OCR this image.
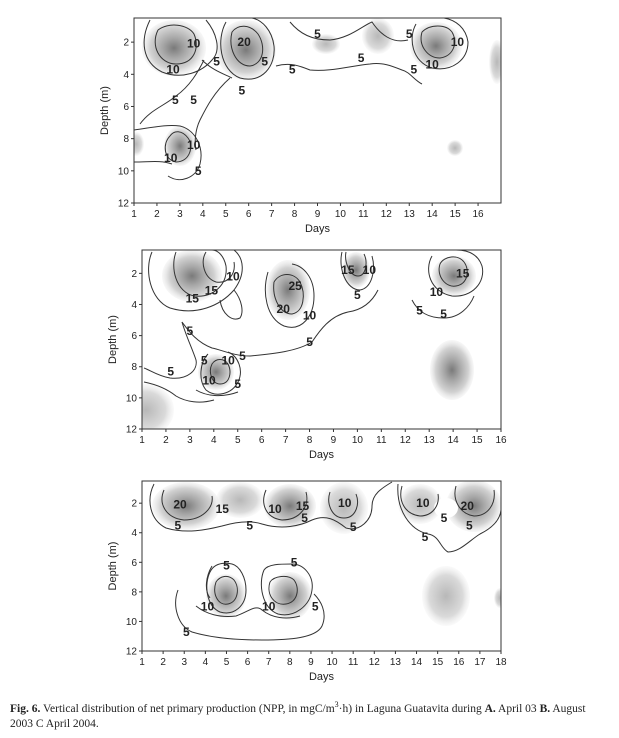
1 2 3 4 5 6 7 8 9 10 11 12 13 14 15 16
2
4
6
8
10
12
Days
Depth (m)
10
10
5
20
5
5
5
5
5
5 10
10
5
5 5
10
10
5
1 2 3 4 5 6 7 8 9 10 11 12 13 14 15 16
2
4
6
8
10
12
Days
Depth (m)
10
15
15	25
20 10
15 10
5	10
15
5 5
5
5
5
5 10
5
10 5
1 2 3 4 5 6 7 8 9 10 11 12 13 14 15 16 17 18
2
4
6
8
10
12
Days
Depth (m)
20
5
15
5
10 15
5
10
5
10	20
5
5
5
5	5
10	10	5
5
Fig. 6. Vertical distribution of net primary production (NPP, in mgC/$m^3\cdot h$) in Laguna Guatavita during A. April 03 B. August 2003 C April 2004.
